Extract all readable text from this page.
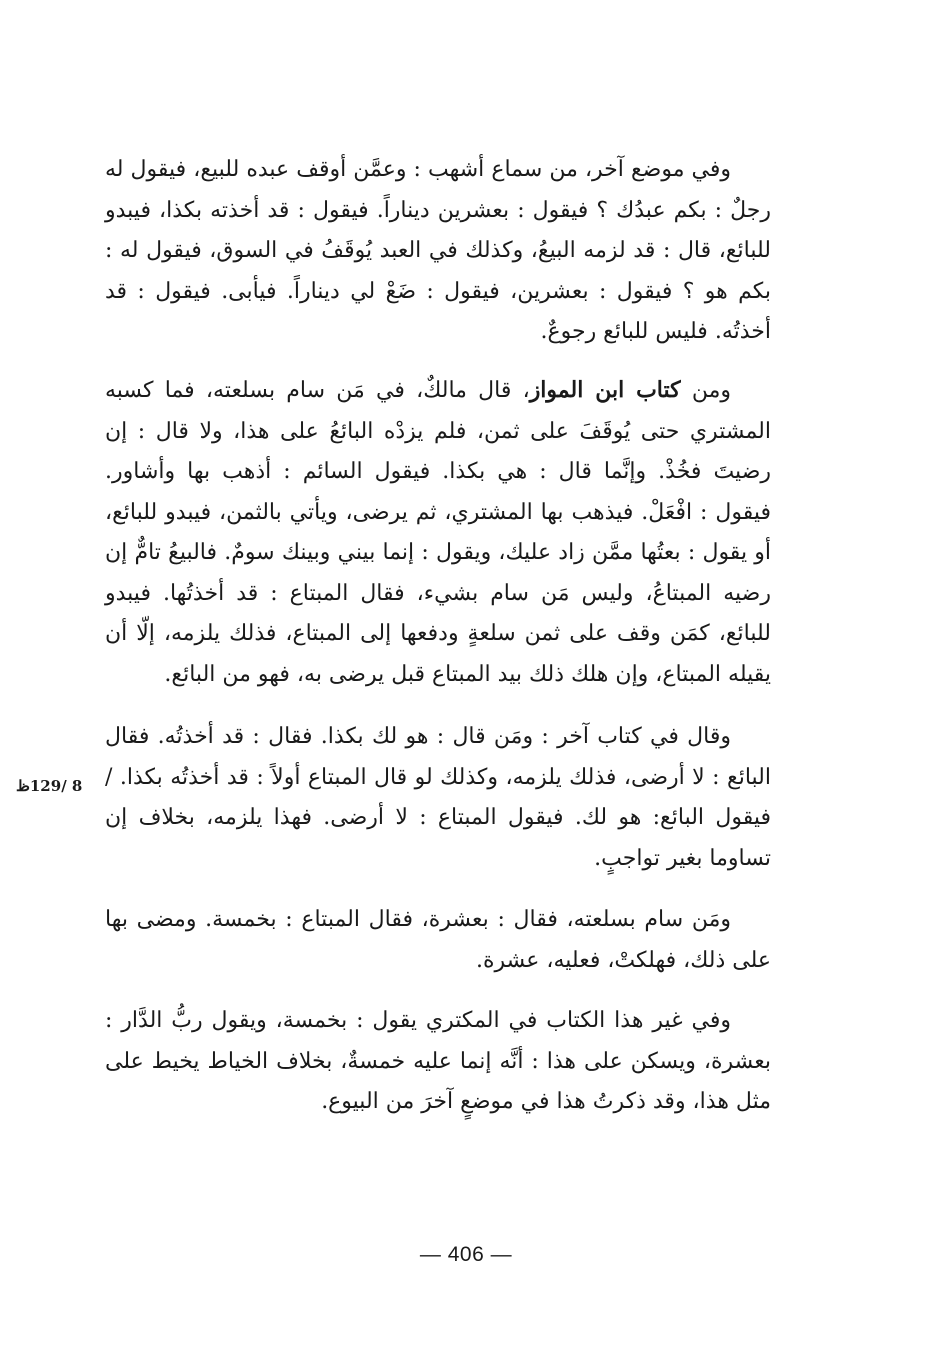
وفي موضع آخر، من سماع أشهب : وعمَّن أوقف عبده للبيع، فيقول له رجلٌ : بكم عبدُك ؟ فيقول : بعشرين ديناراً. فيقول : قد أخذته بكذا، فيبدو للبائع، قال : قد لزمه البيعُ، وكذلك في العبد يُوقَفُ في السوق، فيقول له : بكم هو ؟ فيقول : بعشرين، فيقول : ضَعْ لي ديناراً. فيأبى. فيقول : قد أخذتُه. فليس للبائع رجوعٌ.

ومن كتاب ابن المواز، قال مالكٌ، في مَن سام بسلعته، فما كسبه المشتري حتى يُوقَفَ على ثمن، فلم يزدْه البائعُ على هذا، ولا قال : إن رضيتَ فخُذْ. وإنَّما قال : هي بكذا. فيقول السائم : أذهب بها وأشاور. فيقول : افْعَلْ. فيذهب بها المشتري، ثم يرضى، ويأتي بالثمن، فيبدو للبائع، أو يقول : بعتُها ممَّن زاد عليك، ويقول : إنما بيني وبينك سومٌ. فالبيعُ تامٌّ إن رضيه المبتاعُ، وليس مَن سام بشيء، فقال المبتاع : قد أخذتُها. فيبدو للبائع، كمَن وقف على ثمن سلعةٍ ودفعها إلى المبتاع، فذلك يلزمه، إلّا أن يقيله المبتاع، وإن هلك ذلك بيد المبتاع قبل يرضى به، فهو من البائع.

وقال في كتاب آخر : ومَن قال : هو لك بكذا. فقال : قد أخذتُه. فقال البائع : لا أرضى، فذلك يلزمه، وكذلك لو قال المبتاع أولاً : قد أخذتُه بكذا. / فيقول البائع: هو لك. فيقول المبتاع : لا أرضى. فهذا يلزمه، بخلاف إن تساوما بغير تواجبٍ.

8 /129ظ

ومَن سام بسلعته، فقال : بعشرة، فقال المبتاع : بخمسة. ومضى بها على ذلك، فهلكتْ، فعليه، عشرة.

وفي غير هذا الكتاب في المكتري يقول : بخمسة، ويقول ربُّ الدَّار : بعشرة، ويسكن على هذا : أنَّه إنما عليه خمسةٌ، بخلاف الخياط يخيط على مثل هذا، وقد ذكرتُ هذا في موضعٍ آخرَ من البيوع.

— 406 —
